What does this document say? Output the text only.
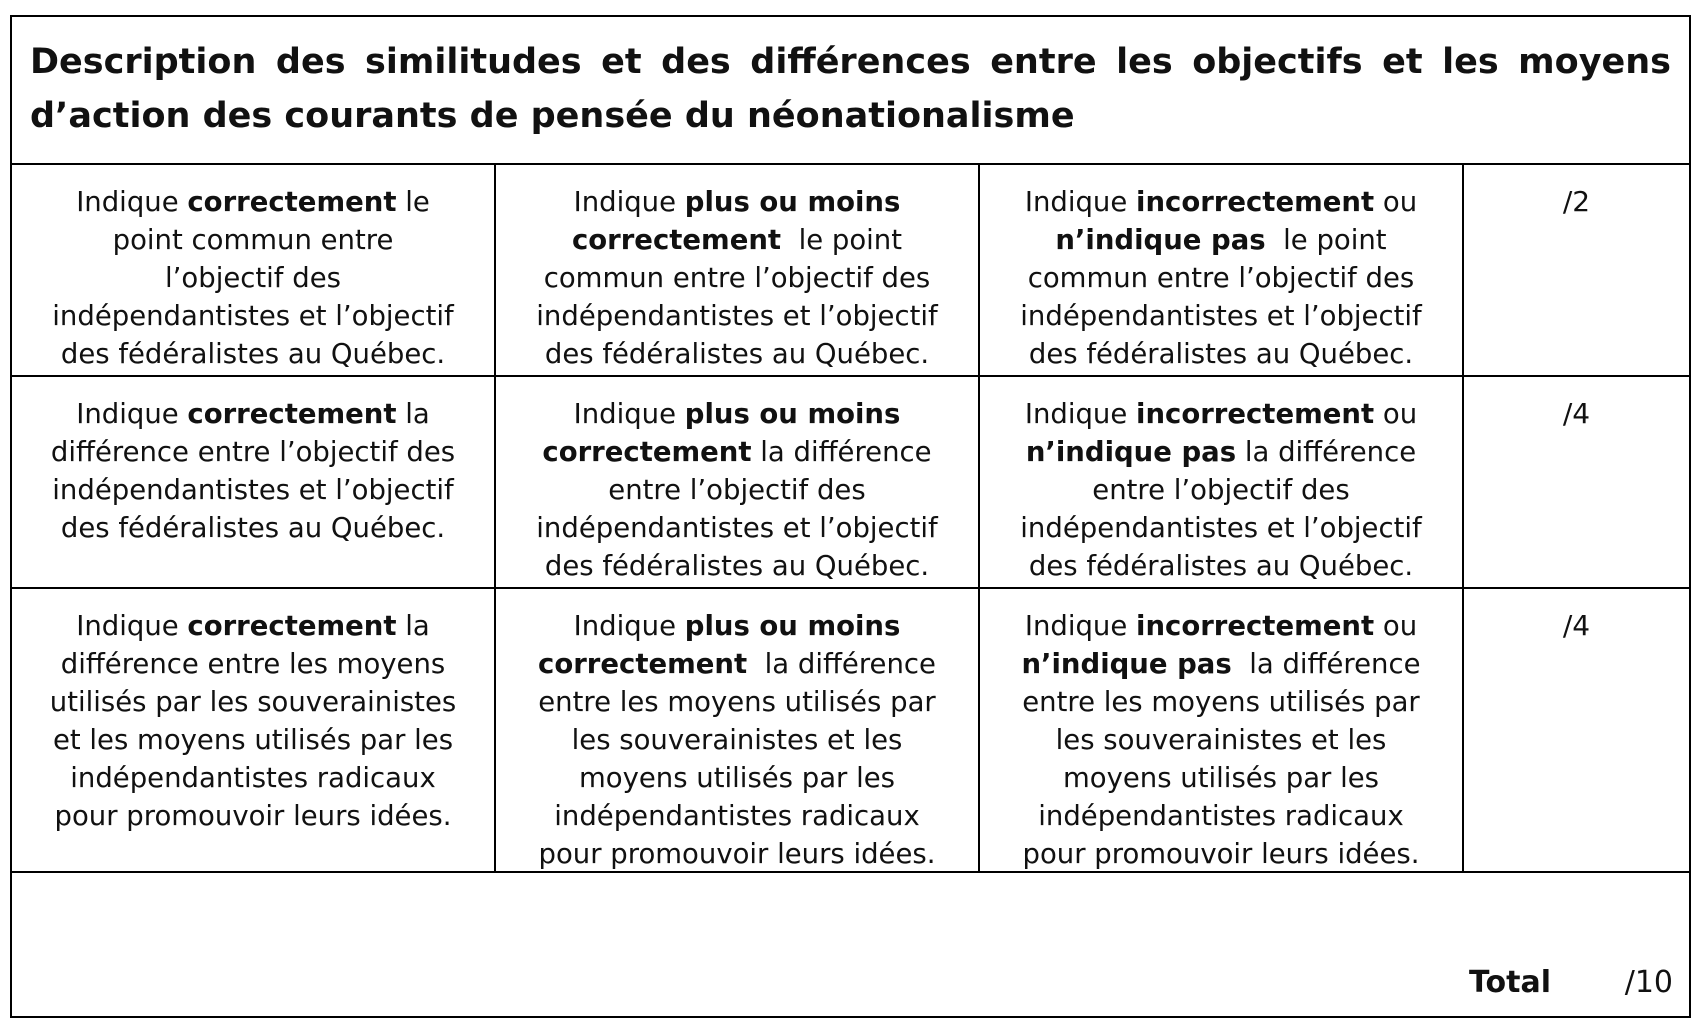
Description des similitudes et des différences entre les objectifs et les moyens
d’action des courants de pensée du néonationalisme
Indique correctement le
point commun entre
l’objectif des
indépendantistes et l’objectif
des fédéralistes au Québec.
Indique plus ou moins
correctement  le point
commun entre l’objectif des
indépendantistes et l’objectif
des fédéralistes au Québec.
Indique incorrectement ou
n’indique pas  le point
commun entre l’objectif des
indépendantistes et l’objectif
des fédéralistes au Québec.
/2
Indique correctement la
différence entre l’objectif des
indépendantistes et l’objectif
des fédéralistes au Québec.
Indique plus ou moins
correctement la différence
entre l’objectif des
indépendantistes et l’objectif
des fédéralistes au Québec.
Indique incorrectement ou
n’indique pas la différence
entre l’objectif des
indépendantistes et l’objectif
des fédéralistes au Québec.
/4
Indique correctement la
différence entre les moyens
utilisés par les souverainistes
et les moyens utilisés par les
indépendantistes radicaux
pour promouvoir leurs idées.
Indique plus ou moins
correctement  la différence
entre les moyens utilisés par
les souverainistes et les
moyens utilisés par les
indépendantistes radicaux
pour promouvoir leurs idées.
Indique incorrectement ou
n’indique pas  la différence
entre les moyens utilisés par
les souverainistes et les
moyens utilisés par les
indépendantistes radicaux
pour promouvoir leurs idées.
/4
Total /10
